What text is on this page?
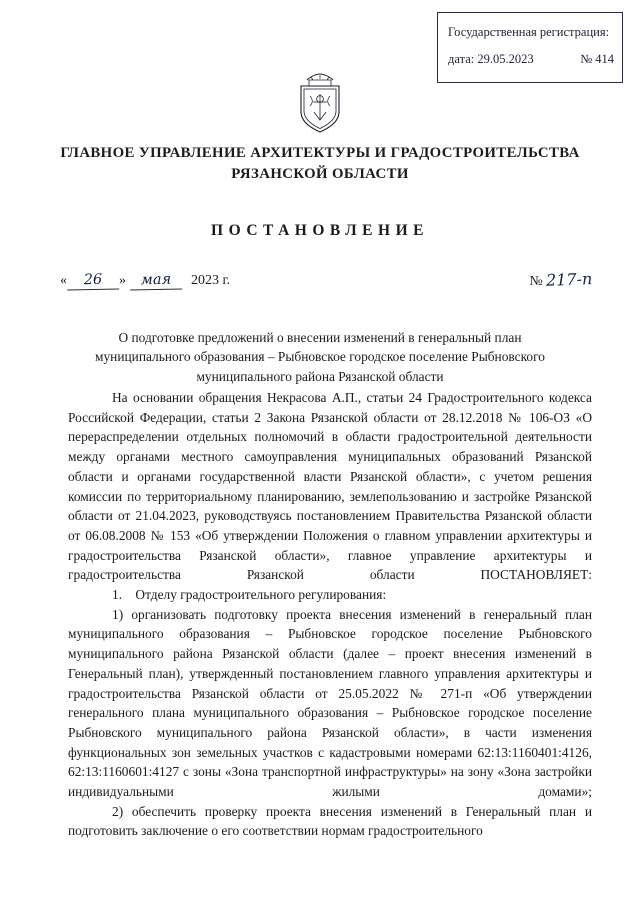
Государственная регистрация:
дата: 29.05.2023	№ 414
ГЛАВНОЕ УПРАВЛЕНИЕ АРХИТЕКТУРЫ И ГРАДОСТРОИТЕЛЬСТВА
РЯЗАНСКОЙ ОБЛАСТИ
ПОСТАНОВЛЕНИЕ
« 26 » мая 2023 г.	№ 217-п
О подготовке предложений о внесении изменений в генеральный план
муниципального образования – Рыбновское городское поселение Рыбновского
муниципального района Рязанской области

На основании обращения Некрасова А.П., статьи 24 Градостроительного кодекса Российской Федерации, статьи 2 Закона Рязанской области от 28.12.2018 № 106-ОЗ «О перераспределении отдельных полномочий в области градостроительной деятельности между органами местного самоуправления муниципальных образований Рязанской области и органами государственной власти Рязанской области», с учетом решения комиссии по территориальному планированию, землепользованию и застройке Рязанской области от 21.04.2023, руководствуясь постановлением Правительства Рязанской области от 06.08.2008 № 153 «Об утверждении Положения о главном управлении архитектуры и градостроительства Рязанской области», главное управление архитектуры и градостроительства Рязанской области ПОСТАНОВЛЯЕТ:

1. Отделу градостроительного регулирования:

1) организовать подготовку проекта внесения изменений в генеральный план муниципального образования – Рыбновское городское поселение Рыбновского муниципального района Рязанской области (далее – проект внесения изменений в Генеральный план), утвержденный постановлением главного управления архитектуры и градостроительства Рязанской области от 25.05.2022 № 271-п «Об утверждении генерального плана муниципального образования – Рыбновское городское поселение Рыбновского муниципального района Рязанской области», в части изменения функциональных зон земельных участков с кадастровыми номерами 62:13:1160401:4126, 62:13:1160601:4127 с зоны «Зона транспортной инфраструктуры» на зону «Зона застройки индивидуальными жилыми домами»;

2) обеспечить проверку проекта внесения изменений в Генеральный план и подготовить заключение о его соответствии нормам градостроительного
